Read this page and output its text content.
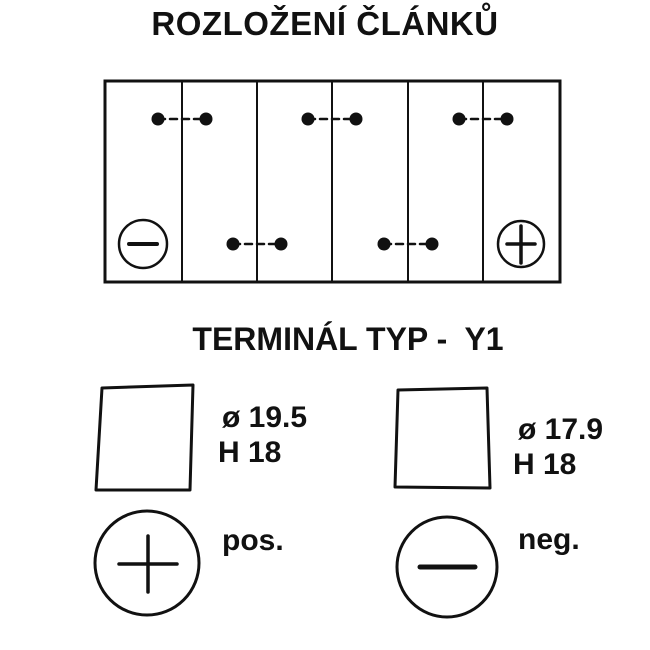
ROZLOŽENÍ ČLÁNKŮ
TERMINÁL TYP -  Y1
ø 19.5
H 18
ø 17.9
H 18
pos.	neg.
